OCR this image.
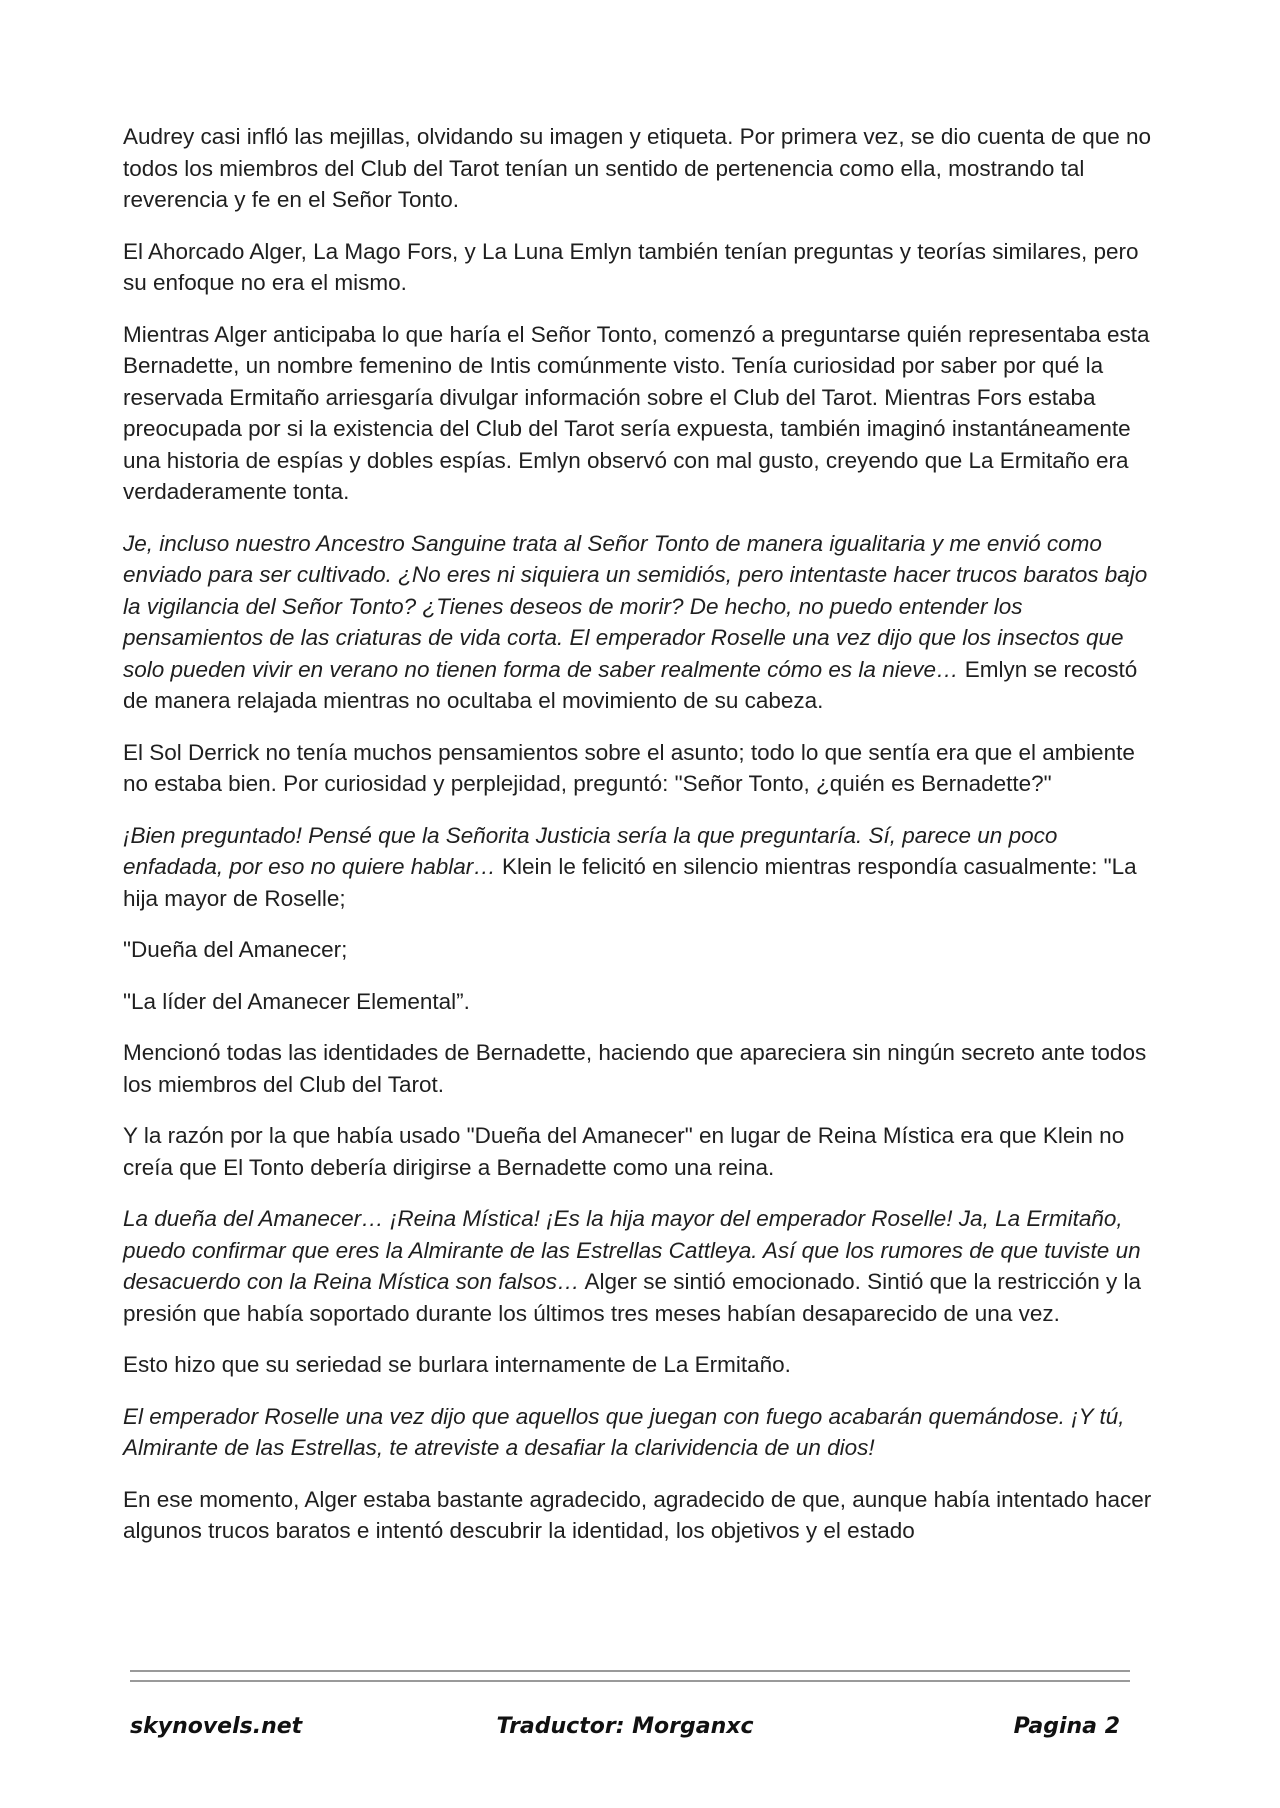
Audrey casi infló las mejillas, olvidando su imagen y etiqueta. Por primera vez, se dio cuenta de que no todos los miembros del Club del Tarot tenían un sentido de pertenencia como ella, mostrando tal reverencia y fe en el Señor Tonto.

El Ahorcado Alger, La Mago Fors, y La Luna Emlyn también tenían preguntas y teorías similares, pero su enfoque no era el mismo.

Mientras Alger anticipaba lo que haría el Señor Tonto, comenzó a preguntarse quién representaba esta Bernadette, un nombre femenino de Intis comúnmente visto. Tenía curiosidad por saber por qué la reservada Ermitaño arriesgaría divulgar información sobre el Club del Tarot. Mientras Fors estaba preocupada por si la existencia del Club del Tarot sería expuesta, también imaginó instantáneamente una historia de espías y dobles espías. Emlyn observó con mal gusto, creyendo que La Ermitaño era verdaderamente tonta.

Je, incluso nuestro Ancestro Sanguine trata al Señor Tonto de manera igualitaria y me envió como enviado para ser cultivado. ¿No eres ni siquiera un semidiós, pero intentaste hacer trucos baratos bajo la vigilancia del Señor Tonto? ¿Tienes deseos de morir? De hecho, no puedo entender los pensamientos de las criaturas de vida corta. El emperador Roselle una vez dijo que los insectos que solo pueden vivir en verano no tienen forma de saber realmente cómo es la nieve… Emlyn se recostó de manera relajada mientras no ocultaba el movimiento de su cabeza.

El Sol Derrick no tenía muchos pensamientos sobre el asunto; todo lo que sentía era que el ambiente no estaba bien. Por curiosidad y perplejidad, preguntó: "Señor Tonto, ¿quién es Bernadette?"

¡Bien preguntado! Pensé que la Señorita Justicia sería la que preguntaría. Sí, parece un poco enfadada, por eso no quiere hablar… Klein le felicitó en silencio mientras respondía casualmente: "La hija mayor de Roselle;

"Dueña del Amanecer;

"La líder del Amanecer Elemental”.

Mencionó todas las identidades de Bernadette, haciendo que apareciera sin ningún secreto ante todos los miembros del Club del Tarot.

Y la razón por la que había usado "Dueña del Amanecer" en lugar de Reina Mística era que Klein no creía que El Tonto debería dirigirse a Bernadette como una reina.

La dueña del Amanecer… ¡Reina Mística! ¡Es la hija mayor del emperador Roselle! Ja, La Ermitaño, puedo confirmar que eres la Almirante de las Estrellas Cattleya. Así que los rumores de que tuviste un desacuerdo con la Reina Mística son falsos… Alger se sintió emocionado. Sintió que la restricción y la presión que había soportado durante los últimos tres meses habían desaparecido de una vez.

Esto hizo que su seriedad se burlara internamente de La Ermitaño.

El emperador Roselle una vez dijo que aquellos que juegan con fuego acabarán quemándose. ¡Y tú, Almirante de las Estrellas, te atreviste a desafiar la clarividencia de un dios!

En ese momento, Alger estaba bastante agradecido, agradecido de que, aunque había intentado hacer algunos trucos baratos e intentó descubrir la identidad, los objetivos y el estado

skynovels.net	Traductor: Morganxc	Pagina 2
